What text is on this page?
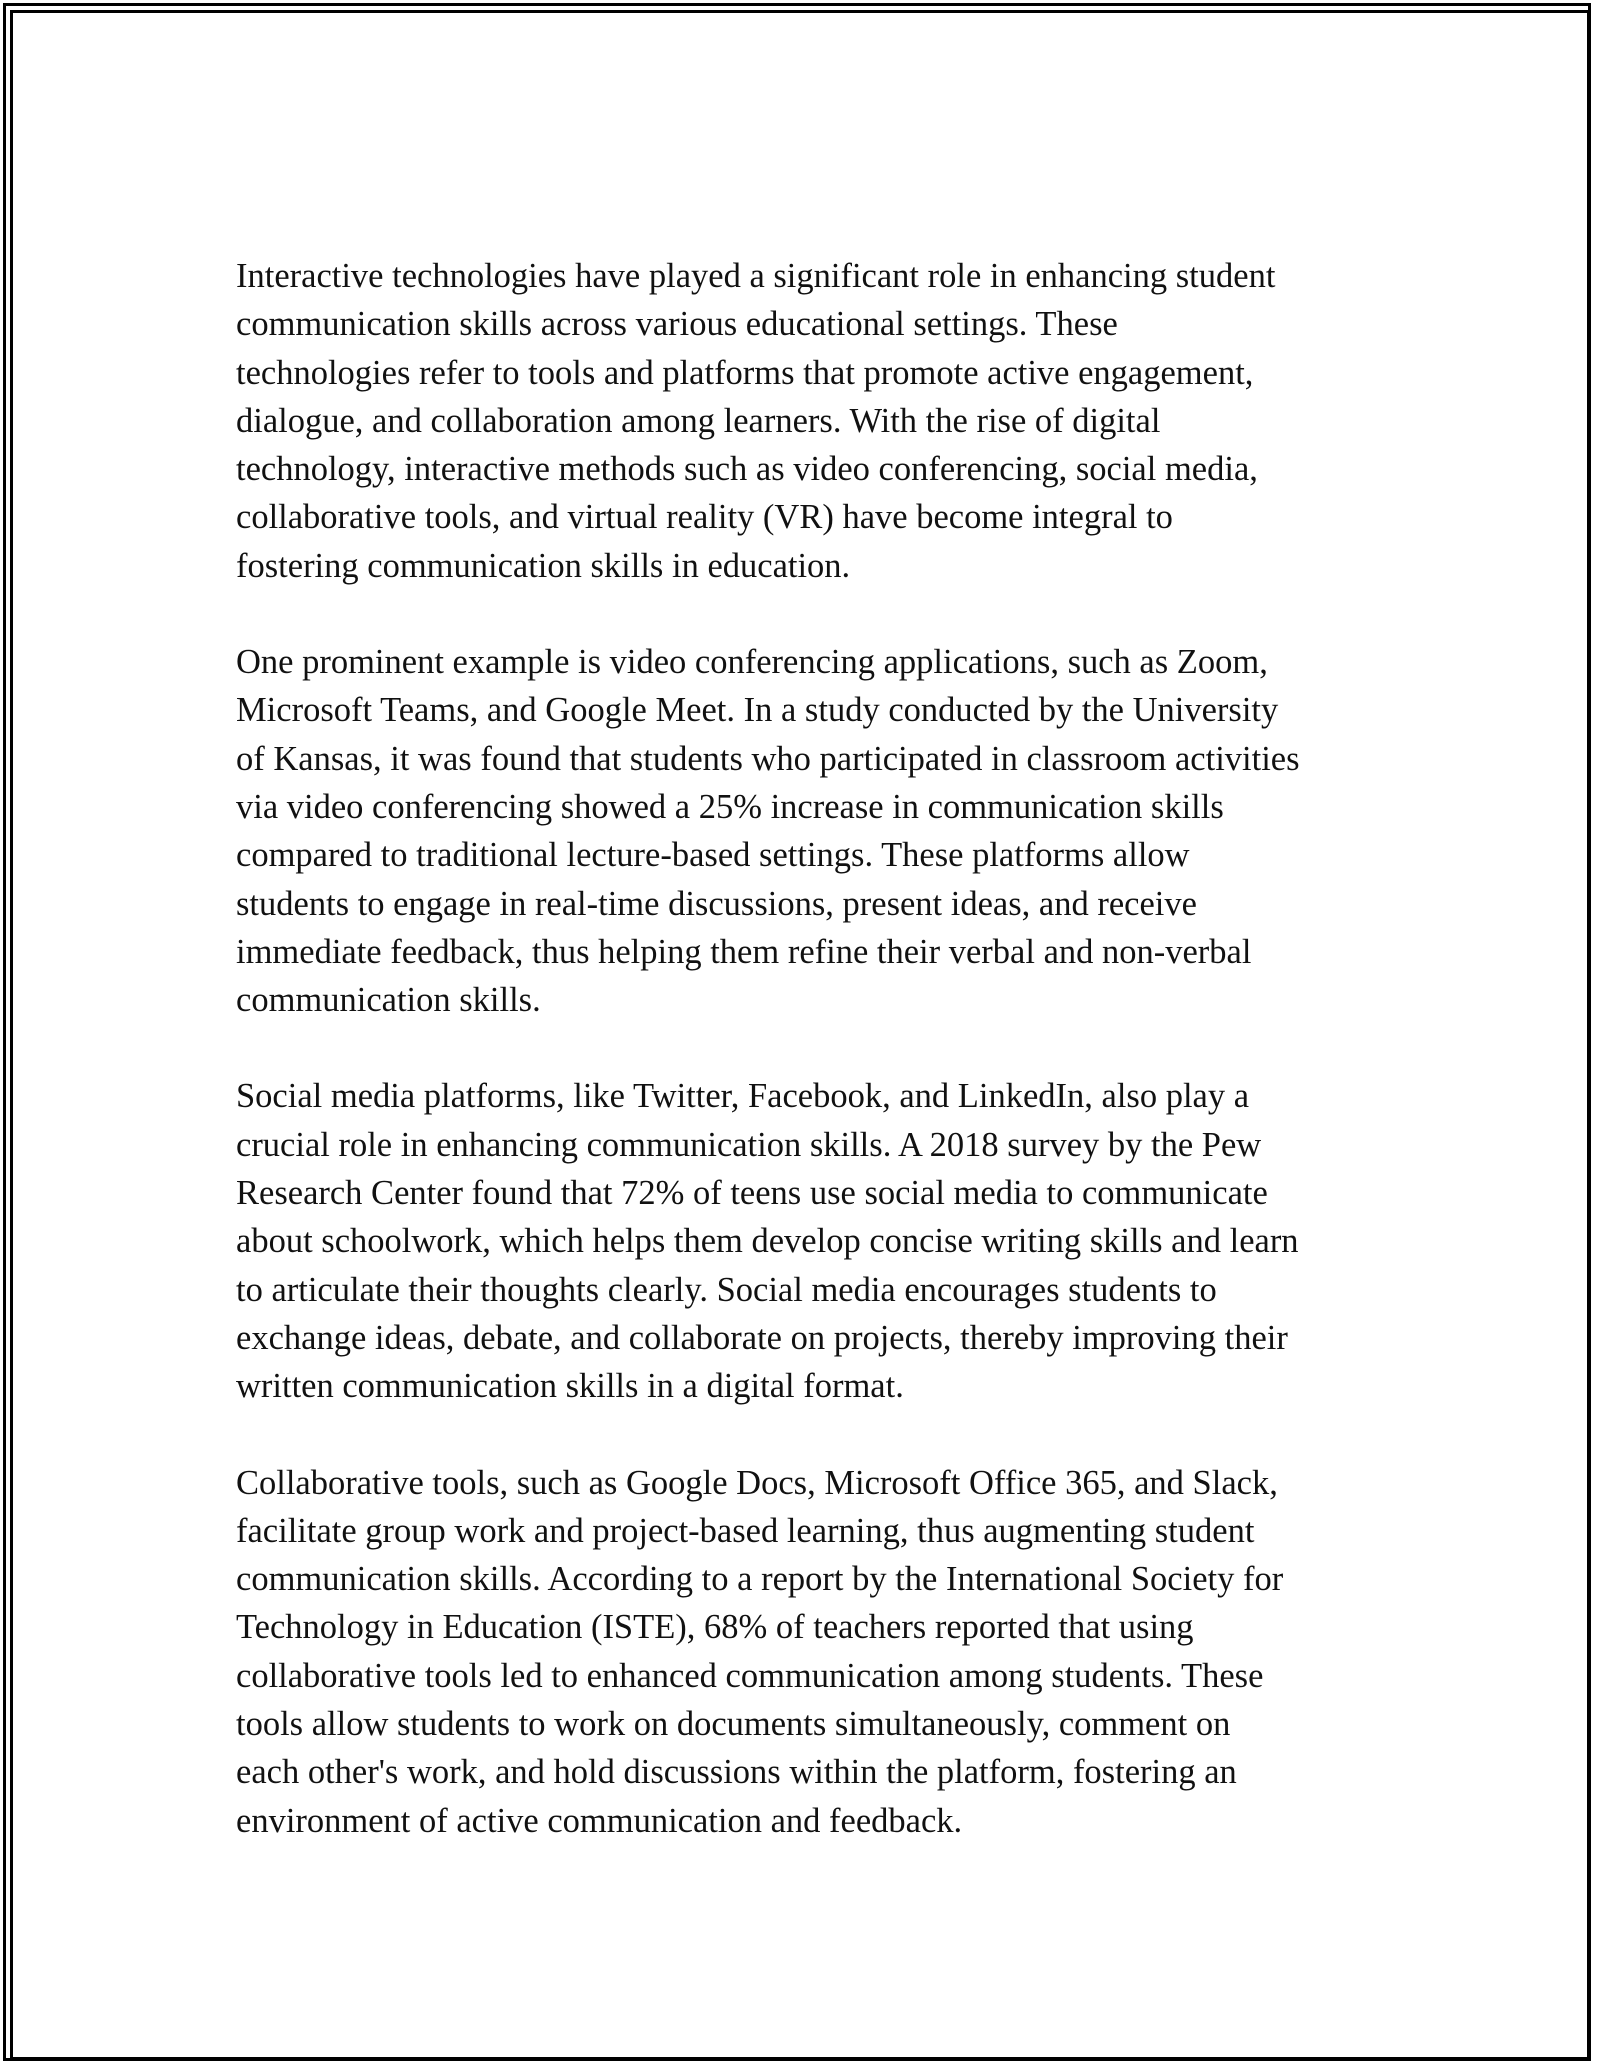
Interactive technologies have played a significant role in enhancing student
communication skills across various educational settings. These
technologies refer to tools and platforms that promote active engagement,
dialogue, and collaboration among learners. With the rise of digital
technology, interactive methods such as video conferencing, social media,
collaborative tools, and virtual reality (VR) have become integral to
fostering communication skills in education.

One prominent example is video conferencing applications, such as Zoom,
Microsoft Teams, and Google Meet. In a study conducted by the University
of Kansas, it was found that students who participated in classroom activities
via video conferencing showed a 25% increase in communication skills
compared to traditional lecture-based settings. These platforms allow
students to engage in real-time discussions, present ideas, and receive
immediate feedback, thus helping them refine their verbal and non-verbal
communication skills.

Social media platforms, like Twitter, Facebook, and LinkedIn, also play a
crucial role in enhancing communication skills. A 2018 survey by the Pew
Research Center found that 72% of teens use social media to communicate
about schoolwork, which helps them develop concise writing skills and learn
to articulate their thoughts clearly. Social media encourages students to
exchange ideas, debate, and collaborate on projects, thereby improving their
written communication skills in a digital format.

Collaborative tools, such as Google Docs, Microsoft Office 365, and Slack,
facilitate group work and project-based learning, thus augmenting student
communication skills. According to a report by the International Society for
Technology in Education (ISTE), 68% of teachers reported that using
collaborative tools led to enhanced communication among students. These
tools allow students to work on documents simultaneously, comment on
each other's work, and hold discussions within the platform, fostering an
environment of active communication and feedback.
